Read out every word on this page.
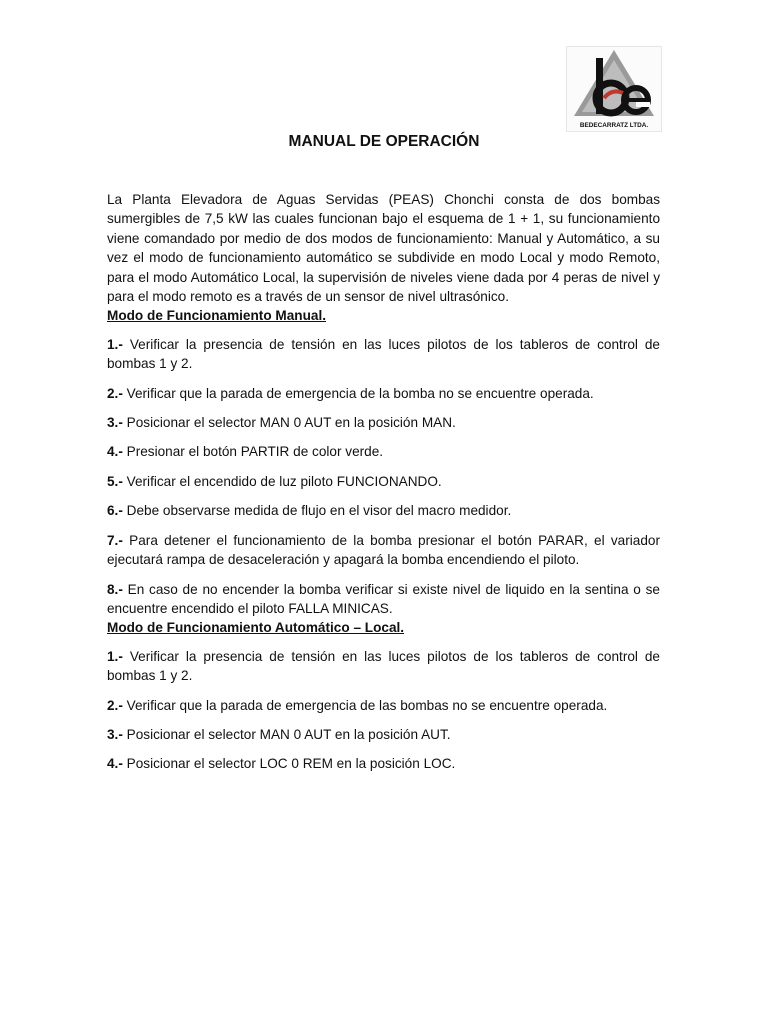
BEDECARRATZ LTDA.
MANUAL DE OPERACIÓN

La Planta Elevadora de Aguas Servidas (PEAS) Chonchi consta de dos bombas sumergibles de 7,5 kW las cuales funcionan bajo el esquema de 1 + 1, su funcionamiento viene comandado por medio de dos modos de funcionamiento: Manual y Automático, a su vez el modo de funcionamiento automático se subdivide en modo Local y modo Remoto, para el modo Automático Local, la supervisión de niveles viene dada por 4 peras de nivel y para el modo remoto es a través de un sensor de nivel ultrasónico.

Modo de Funcionamiento Manual.

1.- Verificar la presencia de tensión en las luces pilotos de los tableros de control de bombas 1 y 2.

2.- Verificar que la parada de emergencia de la bomba no se encuentre operada.

3.- Posicionar el selector MAN 0 AUT en la posición MAN.

4.- Presionar el botón PARTIR de color verde.

5.- Verificar el encendido de luz piloto FUNCIONANDO.

6.- Debe observarse medida de flujo en el visor del macro medidor.

7.- Para detener el funcionamiento de la bomba presionar el botón PARAR, el variador ejecutará rampa de desaceleración y apagará la bomba encendiendo el piloto.

8.- En caso de no encender la bomba verificar si existe nivel de liquido en la sentina o se encuentre encendido el piloto FALLA MINICAS.

Modo de Funcionamiento Automático – Local.

1.- Verificar la presencia de tensión en las luces pilotos de los tableros de control de bombas 1 y 2.

2.- Verificar que la parada de emergencia de las bombas no se encuentre operada.

3.- Posicionar el selector MAN 0 AUT en la posición AUT.

4.- Posicionar el selector LOC 0 REM en la posición LOC.
